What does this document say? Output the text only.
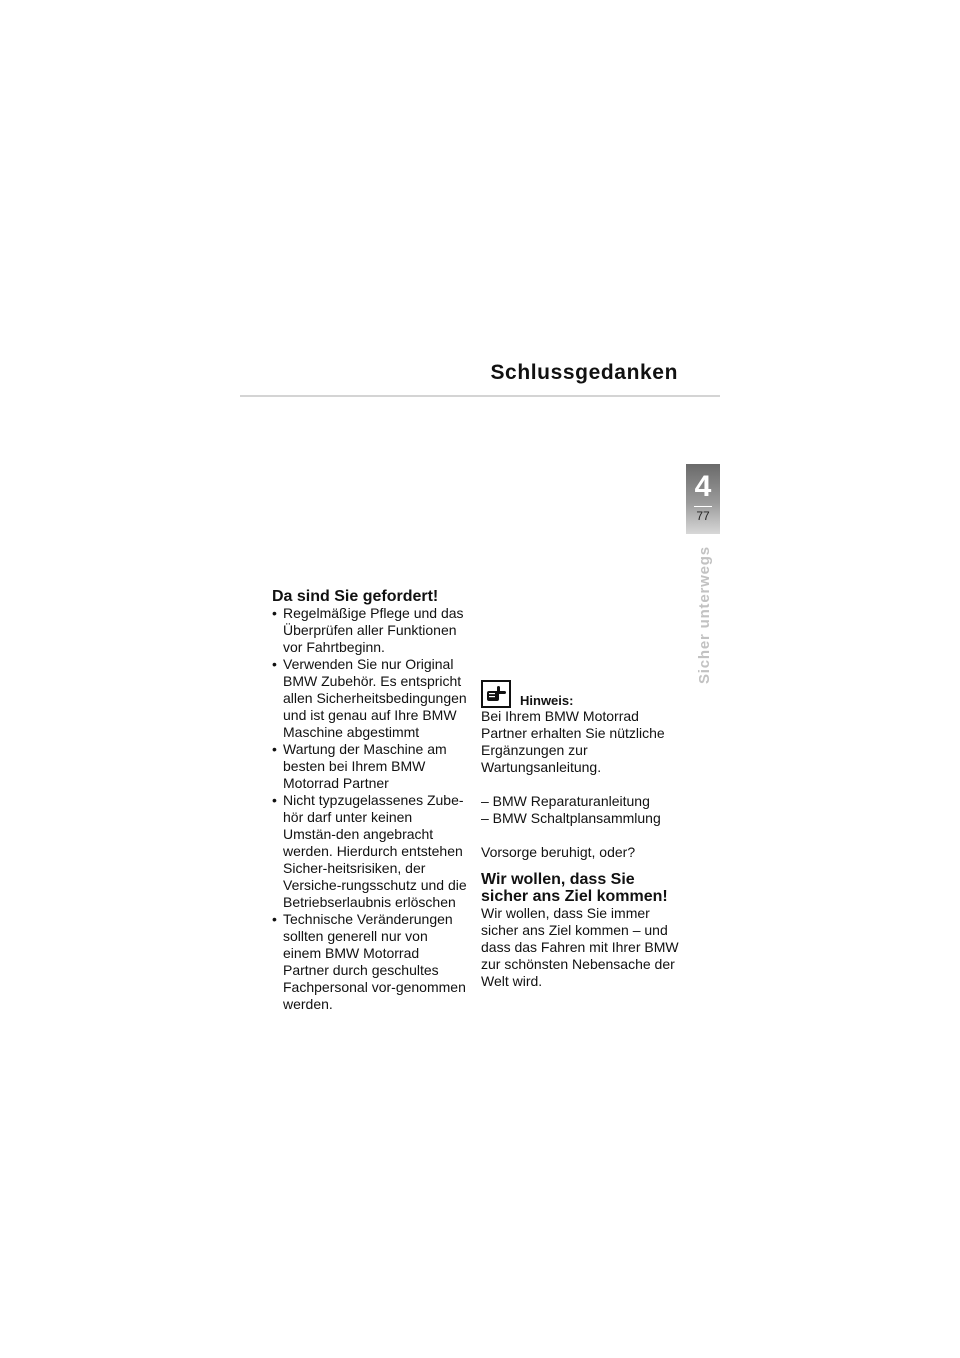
Schlussgedanken
4
77
Sicher unterwegs
Da sind Sie gefordert!
• Regelmäßige Pflege und das Überprüfen aller Funktionen vor Fahrtbeginn.
• Verwenden Sie nur Original BMW Zubehör. Es entspricht allen Sicherheitsbedingungen und ist genau auf Ihre BMW Maschine abgestimmt
• Wartung der Maschine am besten bei Ihrem BMW Motorrad Partner
• Nicht typzugelassenes Zube-hör darf unter keinen Umstän-den angebracht werden. Hierdurch entstehen Sicher-heitsrisiken, der Versiche-rungsschutz und die Betriebserlaubnis erlöschen
• Technische Veränderungen sollten generell nur von einem BMW Motorrad Partner durch geschultes Fachpersonal vor-genommen werden.
Hinweis:

Bei Ihrem BMW Motorrad Partner erhalten Sie nützliche Ergänzungen zur Wartungsanleitung.

– BMW Reparaturanleitung

– BMW Schaltplansammlung

Vorsorge beruhigt, oder?

Wir wollen, dass Sie sicher ans Ziel kommen!

Wir wollen, dass Sie immer sicher ans Ziel kommen – und dass das Fahren mit Ihrer BMW zur schönsten Nebensache der Welt wird.
